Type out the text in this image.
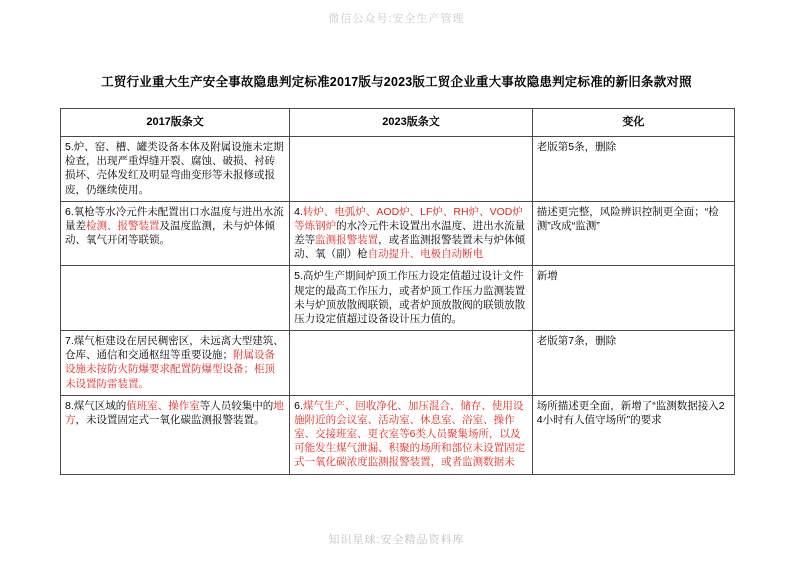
微信公众号:安全生产管理
工贸行业重大生产安全事故隐患判定标准2017版与2023版工贸企业重大事故隐患判定标准的新旧条款对照
2017版条文	2023版条文	变化

5.炉、窑、槽、罐类设备本体及附属设施未定期检查，出现严重焊缝开裂、腐蚀、破损、衬砖损坏、壳体发红及明显弯曲变形等未报修或报废，仍继续使用。		老版第5条，删除

6.氧枪等水冷元件未配置出口水温度与进出水流量差检测、报警装置及温度监测，未与炉体倾动、氧气开闭等联锁。	4.转炉、电弧炉、AOD炉、LF炉、RH炉、VOD炉等炼钢炉的水冷元件未设置出水温度、进出水流量差等监测报警装置，或者监测报警装置未与炉体倾动、氧（副）枪自动提升、电极自动断电	描述更完整，风险辨识控制更全面；“检测”改成“监测”

	5.高炉生产期间炉顶工作压力设定值超过设计文件规定的最高工作压力，或者炉顶工作压力监测装置未与炉顶放散阀联锁，或者炉顶放散阀的联锁放散压力设定值超过设备设计压力值的。	新增

7.煤气柜建设在居民稠密区，未远离大型建筑、仓库、通信和交通枢纽等重要设施；附属设备设施未按防火防爆要求配置防爆型设备；柜顶未设置防雷装置。		老版第7条，删除

8.煤气区域的值班室、操作室等人员较集中的地方，未设置固定式一氧化碳监测报警装置。	6.煤气生产、回收净化、加压混合、储存、使用设施附近的会议室、活动室、休息室、浴室、操作室、交接班室、更衣室等6类人员聚集场所，以及可能发生煤气泄漏、积聚的场所和部位未设置固定式一氧化碳浓度监测报警装置，或者监测数据未	场所描述更全面，新增了“监测数据接入24小时有人值守场所”的要求
知识星球:安全精品资料库
